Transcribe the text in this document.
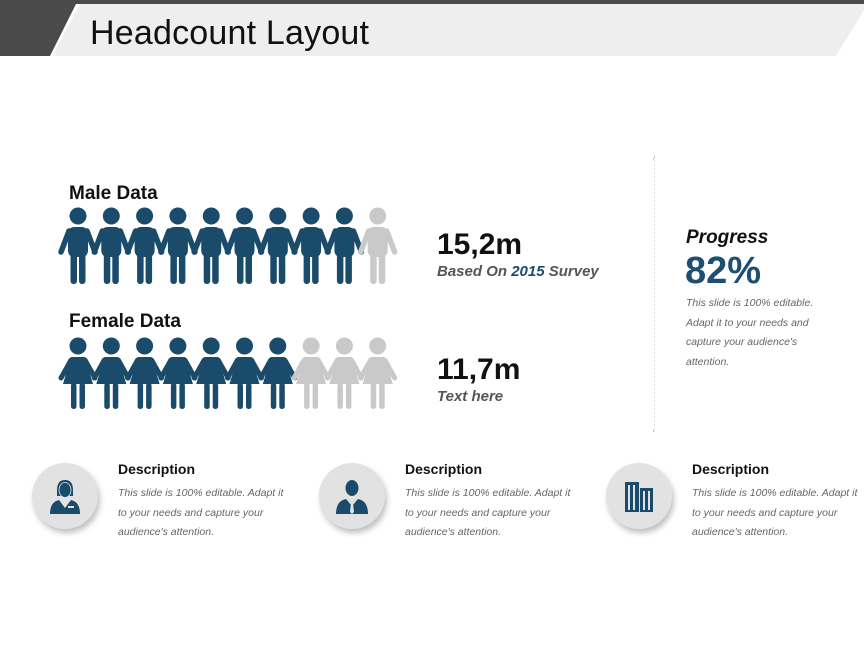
Headcount Layout
Male Data
15,2m
Based On 2015 Survey
Female Data
11,7m
Text here
Progress
82%
This slide is 100% editable. Adapt it to your needs and capture your audience's attention.
Description
This slide is 100% editable. Adapt it to your needs and capture your audience's attention.
Description
This slide is 100% editable. Adapt it to your needs and capture your audience's attention.
Description
This slide is 100% editable. Adapt it to your needs and capture your audience's attention.
